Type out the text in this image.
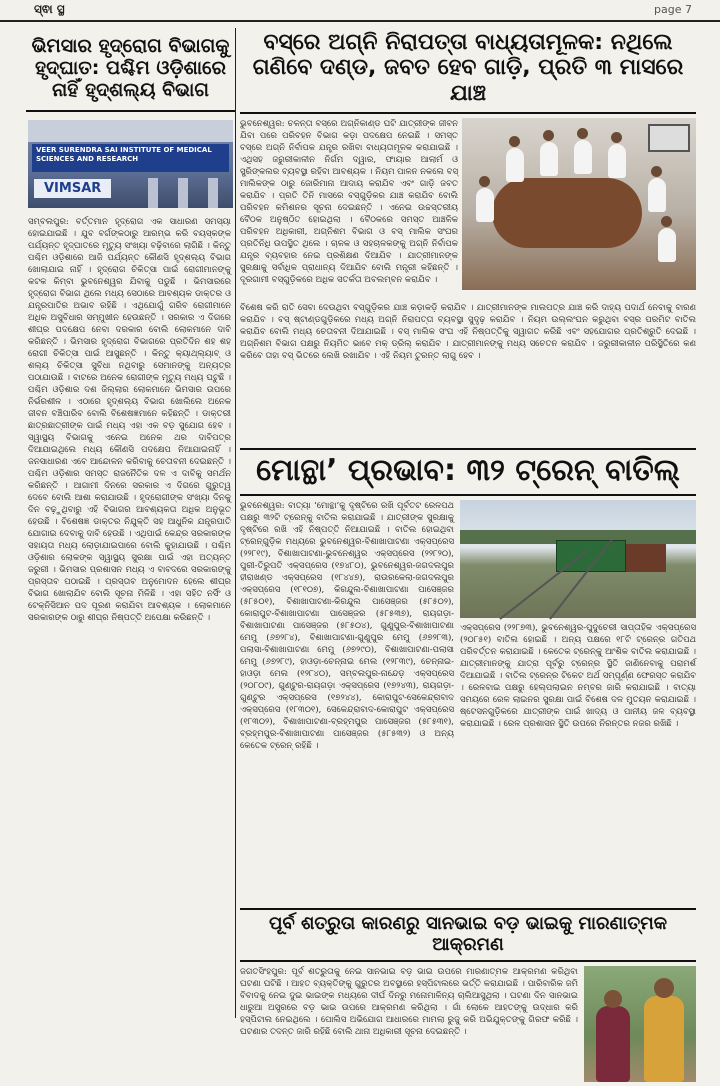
ସ୍ଵା ସ୍ଥ	page 7
ଭିମସାର ହୃଦ୍‌ରୋଗ ବିଭାଗକୁ ହୃଦ୍‌ଘାତ: ପଶ୍ଚିମ ଓଡ଼ିଶାରେ ନାହିଁ ହୃଦ୍‌ଶଲ୍ୟ ବିଭାଗ
VEER SURENDRA SAI INSTITUTE OF MEDICAL SCIENCES AND RESEARCH
VIMSAR
ସମ୍ବଲପୁର: ବର୍ତ୍ତମାନ ହୃଦ୍‌ରୋଗ ଏକ ସାଧାରଣ ସମସ୍ୟା ହୋଇଯାଇଛି । ଯୁବ ବର୍ଗଙ୍କଠାରୁ ଆରମ୍ଭ କରି ବୟସ୍କଙ୍କ ପର୍ଯ୍ୟନ୍ତ ହୃଦ୍‌ଘାତରେ ମୃତ୍ୟୁ ସଂଖ୍ୟା ବଢ଼ିବାରେ ଲାଗିଛି । କିନ୍ତୁ ପଶ୍ଚିମ ଓଡ଼ିଶାରେ ଆଜି ପର୍ଯ୍ୟନ୍ତ କୌଣସି ହୃଦ୍‌ଶଲ୍ୟ ବିଭାଗ ଖୋଲାଯାଇ ନାହିଁ । ହୃଦ୍‌ରୋଗ ଚିକିତ୍ସା ପାଇଁ ରୋଗୀମାନଙ୍କୁ କଟକ କିମ୍ବା ଭୁବନେଶ୍ୱର ଯିବାକୁ ପଡୁଛି । ଭିମସାରରେ ହୃଦ୍‌ରୋଗ ବିଭାଗ ଥିଲେ ମଧ୍ୟ ସେଠାରେ ଆବଶ୍ୟକ ଡାକ୍ତର ଓ ଯନ୍ତ୍ରପାତିର ଅଭାବ ରହିଛି । ଏଥିଯୋଗୁଁ ଗରିବ ରୋଗୀମାନେ ଅଧିକ ଅସୁବିଧାର ସମ୍ମୁଖୀନ ହେଉଛନ୍ତି । ସରକାର ଏ ଦିଗରେ ଶୀଘ୍ର ପଦକ୍ଷେପ ନେବା ଦରକାର ବୋଲି ଲୋକମାନେ ଦାବି କରିଛନ୍ତି । ଭିମସାର ହୃଦ୍‌ରୋଗ ବିଭାଗରେ ପ୍ରତିଦିନ ଶହ ଶହ ରୋଗୀ ଚିକିତ୍ସା ପାଇଁ ଆସୁଛନ୍ତି । କିନ୍ତୁ କ୍ୟାଥ୍‌ଲ୍ୟାବ୍ ଓ ଶଲ୍ୟ ଚିକିତ୍ସା ସୁବିଧା ନଥିବାରୁ ସେମାନଙ୍କୁ ଅନ୍ୟତ୍ର ପଠାଯାଉଛି । ବାଟରେ ଅନେକ ରୋଗୀଙ୍କ ମୃତ୍ୟୁ ମଧ୍ୟ ଘଟୁଛି । ପଶ୍ଚିମ ଓଡ଼ିଶାର ଦଶ ଜିଲ୍ଲାର ଲୋକମାନେ ଭିମସାର ଉପରେ ନିର୍ଭରଶୀଳ । ଏଠାରେ ହୃଦ୍‌ଶଲ୍ୟ ବିଭାଗ ଖୋଲିଲେ ଅନେକ ଜୀବନ ବଞ୍ଚିପାରିବ ବୋଲି ବିଶେଷଜ୍ଞମାନେ କହିଛନ୍ତି । ଡାକ୍ତରୀ ଛାତ୍ରଛାତ୍ରୀଙ୍କ ପାଇଁ ମଧ୍ୟ ଏହା ଏକ ବଡ଼ ସୁଯୋଗ ହେବ । ସ୍ୱାସ୍ଥ୍ୟ ବିଭାଗକୁ ଏନେଇ ଅନେକ ଥର ଦାବିପତ୍ର ଦିଆଯାଇଥିଲେ ମଧ୍ୟ କୌଣସି ପଦକ୍ଷେପ ନିଆଯାଇନାହିଁ । ଜନସାଧାରଣ ଏବେ ଆନ୍ଦୋଳନ କରିବାକୁ ଚେତାବନୀ ଦେଇଛନ୍ତି । ପଶ୍ଚିମ ଓଡ଼ିଶାର ସମସ୍ତ ରାଜନୈତିକ ଦଳ ଏ ଦାବିକୁ ସମର୍ଥନ କରିଛନ୍ତି । ଆଗାମୀ ଦିନରେ ସରକାର ଏ ଦିଗରେ ଗୁରୁତ୍ୱ ଦେବେ ବୋଲି ଆଶା କରାଯାଉଛି । ହୃଦ୍‌ରୋଗୀଙ୍କ ସଂଖ୍ୟା ଦିନକୁ ଦିନ ବଢ଼ୁଥିବାରୁ ଏହି ବିଭାଗର ଆବଶ୍ୟକତା ଅଧିକ ଅନୁଭୂତ ହେଉଛି । ବିଶେଷଜ୍ଞ ଡାକ୍ତର ନିଯୁକ୍ତି ସହ ଆଧୁନିକ ଯନ୍ତ୍ରପାତି ଯୋଗାଇ ଦେବାକୁ ଦାବି ହେଉଛି । ଏଥିପାଇଁ କେନ୍ଦ୍ର ସରକାରଙ୍କ ସହାୟତା ମଧ୍ୟ ଲୋଡ଼ାଯାଇପାରେ ବୋଲି କୁହାଯାଉଛି । ପଶ୍ଚିମ ଓଡ଼ିଶାର ଲୋକଙ୍କ ସ୍ୱାସ୍ଥ୍ୟ ସୁରକ୍ଷା ପାଇଁ ଏହା ଅତ୍ୟନ୍ତ ଜରୁରୀ । ଭିମସାର ପ୍ରଶାସନ ମଧ୍ୟ ଏ ବାବଦରେ ସରକାରଙ୍କୁ ପ୍ରସ୍ତାବ ପଠାଇଛି । ପ୍ରସ୍ତାବ ଅନୁମୋଦନ ହେଲେ ଶୀଘ୍ର ବିଭାଗ ଖୋଲାଯିବ ବୋଲି ସୂଚନା ମିଳିଛି । ଏହା ସହିତ ନର୍ସିଂ ଓ ଟେକ୍ନିସିଆନ ପଦ ପୂରଣ କରାଯିବା ଆବଶ୍ୟକ । ଲୋକମାନେ ସରକାରଙ୍କ ଠାରୁ ଶୀଘ୍ର ନିଷ୍ପତ୍ତି ଅପେକ୍ଷା କରିଛନ୍ତି ।
ବସ୍‌ରେ ଅଗ୍ନି ନିରାପତ୍ତା ବାଧ୍ୟତାମୂଳକ: ନଥିଲେ ଗଣିବେ ଦଣ୍ଡ, ଜବତ ହେବ ଗାଡ଼ି, ପ୍ରତି ୩ ମାସରେ ଯାଞ୍ଚ
ଭୁବନେଶ୍ୱର: ଚଳନ୍ତା ବସ୍‌ରେ ଅଗ୍ନିକାଣ୍ଡ ଘଟି ଯାତ୍ରୀଙ୍କ ଜୀବନ ଯିବା ପରେ ପରିବହନ ବିଭାଗ କଡ଼ା ପଦକ୍ଷେପ ନେଇଛି । ସମସ୍ତ ବସ୍‌ରେ ଅଗ୍ନି ନିର୍ବାପକ ଯନ୍ତ୍ର ରଖିବା ବାଧ୍ୟତାମୂଳକ କରାଯାଇଛି । ଏଥିସହ ଜରୁରୀକାଳୀନ ନିର୍ଗମ ଦ୍ୱାର, ଫାୟାର ଆଲାର୍ମ ଓ ସ୍ପ୍ରିଙ୍କଲର ବ୍ୟବସ୍ଥା ରହିବା ଆବଶ୍ୟକ । ନିୟମ ପାଳନ ନକଲେ ବସ୍ ମାଲିକଙ୍କ ଠାରୁ ଜୋରିମାନା ଆଦାୟ କରାଯିବ ଏବଂ ଗାଡ଼ି ଜବତ କରାଯିବ । ପ୍ରତି ତିନି ମାସରେ ବସ୍‌ଗୁଡ଼ିକର ଯାଞ୍ଚ କରାଯିବ ବୋଲି ପରିବହନ କମିଶନର ସୂଚନା ଦେଇଛନ୍ତି । ଏନେଇ ଉଚ୍ଚସ୍ତରୀୟ ବୈଠକ ଅନୁଷ୍ଠିତ ହୋଇଥିଲା । ବୈଠକରେ ସମସ୍ତ ଆଞ୍ଚଳିକ ପରିବହନ ଅଧିକାରୀ, ଅଗ୍ନିଶମ ବିଭାଗ ଓ ବସ୍ ମାଲିକ ସଂଘର ପ୍ରତିନିଧି ଉପସ୍ଥିତ ଥିଲେ । ଚାଳକ ଓ ସହଚାଳକଙ୍କୁ ଅଗ୍ନି ନିର୍ବାପକ ଯନ୍ତ୍ର ବ୍ୟବହାର ନେଇ ପ୍ରଶିକ୍ଷଣ ଦିଆଯିବ । ଯାତ୍ରୀମାନଙ୍କ ସୁରକ୍ଷାକୁ ସର୍ବାଧିକ ପ୍ରାଧାନ୍ୟ ଦିଆଯିବ ବୋଲି ମନ୍ତ୍ରୀ କହିଛନ୍ତି । ଦୂରଗାମୀ ବସ୍‌ଗୁଡ଼ିକରେ ଅଧିକ ସତର୍କତା ଅବଲମ୍ବନ କରାଯିବ ।
ବିଶେଷ କରି ରାତି ସେବା ଦେଉଥିବା ବସ୍‌ଗୁଡ଼ିକର ଯାଞ୍ଚ କଡ଼ାକଡ଼ି କରାଯିବ । ଯାତ୍ରୀମାନଙ୍କ ମାଲପତ୍ର ଯାଞ୍ଚ କରି ଦାହ୍ୟ ପଦାର୍ଥ ନେବାକୁ ବାରଣ କରାଯିବ । ବସ୍ ଷ୍ଟାଣ୍ଡଗୁଡ଼ିକରେ ମଧ୍ୟ ଅଗ୍ନି ନିରାପତ୍ତା ବ୍ୟବସ୍ଥା ସୁଦୃଢ଼ କରାଯିବ । ନିୟମ ଉଲ୍ଲଂଘନ କରୁଥିବା ବସ୍‌ର ପରମିଟ ବାତିଲ କରାଯିବ ବୋଲି ମଧ୍ୟ ଚେତାବନୀ ଦିଆଯାଇଛି । ବସ୍ ମାଲିକ ସଂଘ ଏହି ନିଷ୍ପତ୍ତିକୁ ସ୍ୱାଗତ କରିଛି ଏବଂ ସହଯୋଗର ପ୍ରତିଶ୍ରୁତି ଦେଇଛି । ଅଗ୍ନିଶମ ବିଭାଗ ପକ୍ଷରୁ ନିୟମିତ ଭାବେ ମକ୍ ଡ୍ରିଲ୍ କରାଯିବ । ଯାତ୍ରୀମାନଙ୍କୁ ମଧ୍ୟ ସଚେତନ କରାଯିବ । ଜରୁରୀକାଳୀନ ପରିସ୍ଥିତିରେ କଣ କରିବେ ତାହା ବସ୍ ଭିତରେ ଲେଖି ରଖାଯିବ । ଏହି ନିୟମ ତୁରନ୍ତ ଲାଗୁ ହେବ ।
ମୋନ୍ଥା’ ପ୍ରଭାବ: ୩୨ ଟ୍ରେନ୍ ବାତିଲ୍
ଭୁବନେଶ୍ୱର: ବାତ୍ୟା ‘ମୋନ୍ଥା’କୁ ଦୃଷ୍ଟିରେ ରଖି ପୂର୍ବତଟ ରେଳପଥ ପକ୍ଷରୁ ୩୨ଟି ଟ୍ରେନ୍‌କୁ ବାତିଲ କରାଯାଇଛି । ଯାତ୍ରୀଙ୍କ ସୁରକ୍ଷାକୁ ଦୃଷ୍ଟିରେ ରଖି ଏହି ନିଷ୍ପତ୍ତି ନିଆଯାଇଛି । ବାତିଲ ହୋଇଥିବା ଟ୍ରେନ୍‌ଗୁଡ଼ିକ ମଧ୍ୟରେ ଭୁବନେଶ୍ୱର-ବିଶାଖାପାଟଣା ଏକ୍ସପ୍ରେସ (୨୨୮୧୯), ବିଶାଖାପାଟଣା-ଭୁବନେଶ୍ୱର ଏକ୍ସପ୍ରେସ (୨୨୮୨୦), ପୁରୀ-ତିରୁପତି ଏକ୍ସପ୍ରେସ (୧୭୪୮୦), ଭୁବନେଶ୍ୱର-ଜଗଦଲପୁର ହୀରାଖଣ୍ଡ ଏକ୍ସପ୍ରେସ (୧୮୪୪୭), ରାଉରକେଲା-ଜଗଦଲପୁର ଏକ୍ସପ୍ରେସ (୧୮୧୦୭), କିରନ୍ଦୁଲ-ବିଶାଖାପାଟଣା ପାସେଞ୍ଜର (୫୮୫୦୧), ବିଶାଖାପାଟଣା-କିରନ୍ଦୁଲ ପାସେଞ୍ଜର (୫୮୫୦୨), କୋରାପୁଟ-ବିଶାଖାପାଟଣା ପାସେଞ୍ଜର (୫୮୫୩୭), ରାୟଗଡ଼ା-ବିଶାଖାପାଟଣା ପାସେଞ୍ଜର (୫୮୫୦୪), ଗୁଣୁପୁର-ବିଶାଖାପାଟଣା ମେମୁ (୬୭୨୮୪), ବିଶାଖାପାଟଣା-ଗୁଣୁପୁର ମେମୁ (୬୭୨୮୩), ପଲାସା-ବିଶାଖାପାଟଣା ମେମୁ (୬୭୨୯୦), ବିଶାଖାପାଟଣା-ପଲାସା ମେମୁ (୬୭୨୮୯), ହାଓଡ଼ା-ଚେନ୍ନାଇ ମେଲ (୧୨୮୩୯), ଚେନ୍ନାଇ-ହାଓଡ଼ା ମେଲ (୧୨୮୪୦), ସମ୍ବଲପୁର-ନାନ୍ଦେଡ଼ ଏକ୍ସପ୍ରେସ (୨୦୮୦୯), ଗୁଣ୍ଟୁର-ରାୟଗଡ଼ା ଏକ୍ସପ୍ରେସ (୧୭୨୪୩), ରାୟଗଡ଼ା-ଗୁଣ୍ଟୁର ଏକ୍ସପ୍ରେସ (୧୭୨୪୪), କୋରାପୁଟ-ସେକେନ୍ଦ୍ରାବାଦ ଏକ୍ସପ୍ରେସ (୧୮୩୦୧), ସେକେନ୍ଦ୍ରାବାଦ-କୋରାପୁଟ ଏକ୍ସପ୍ରେସ (୧୮୩୦୨), ବିଶାଖାପାଟଣା-ବ୍ରହ୍ମପୁର ପାସେଞ୍ଜର (୫୮୫୩୧), ବ୍ରହ୍ମପୁର-ବିଶାଖାପାଟଣା ପାସେଞ୍ଜର (୫୮୫୩୨) ଓ ଅନ୍ୟ କେତେକ ଟ୍ରେନ୍ ରହିଛି ।
ଏକ୍ସପ୍ରେସ (୨୨୮୭୩), ଭୁବନେଶ୍ୱର-ପୁଦୁଚେରୀ ସାପ୍ତାହିକ ଏକ୍ସପ୍ରେସ (୨୦୮୫୧) ବାତିଲ ହୋଇଛି । ଅନ୍ୟ ପକ୍ଷରେ ୧୮ଟି ଟ୍ରେନ୍‌ର ଗତିପଥ ପରିବର୍ତ୍ତନ କରାଯାଇଛି । କେତେକ ଟ୍ରେନ୍‌କୁ ଆଂଶିକ ବାତିଲ କରାଯାଇଛି । ଯାତ୍ରୀମାନଙ୍କୁ ଯାତ୍ରା ପୂର୍ବରୁ ଟ୍ରେନ୍‌ର ସ୍ଥିତି ଜାଣିନେବାକୁ ପରାମର୍ଶ ଦିଆଯାଇଛି । ବାତିଲ ଟ୍ରେନ୍‌ର ଟିକେଟ ଅର୍ଥ ସମ୍ପୂର୍ଣ୍ଣ ଫେରସ୍ତ କରାଯିବ । ରେଳବାଇ ପକ୍ଷରୁ ହେଲ୍ପଲାଇନ ନମ୍ବର ଜାରି କରାଯାଇଛି । ବାତ୍ୟା ସମୟରେ ରେଳ ଲାଇନର ସୁରକ୍ଷା ପାଇଁ ବିଶେଷ ଦଳ ମୁତୟନ କରାଯାଇଛି । ଷ୍ଟେସନଗୁଡ଼ିକରେ ଯାତ୍ରୀଙ୍କ ପାଇଁ ଖାଦ୍ୟ ଓ ପାନୀୟ ଜଳ ବ୍ୟବସ୍ଥା କରାଯାଇଛି । ରେଳ ପ୍ରଶାସନ ସ୍ଥିତି ଉପରେ ନିରନ୍ତର ନଜର ରଖିଛି ।
ପୂର୍ବ ଶତ୍ରୁତା କାରଣରୁ ସାନଭାଇ ବଡ଼ ଭାଇକୁ ମାରଣାତ୍ମକ ଆକ୍ରମଣ
ଜଗତସିଂହପୁର: ପୂର୍ବ ଶତ୍ରୁତାକୁ ନେଇ ସାନଭାଇ ବଡ଼ ଭାଇ ଉପରେ ମାରଣାତ୍ମକ ଆକ୍ରମଣ କରିଥିବା ଘଟଣା ଘଟିଛି । ଆହତ ବ୍ୟକ୍ତିଙ୍କୁ ଗୁରୁତର ଅବସ୍ଥାରେ ହସ୍ପିଟାଲରେ ଭର୍ତ୍ତି କରାଯାଇଛି । ପାରିବାରିକ ଜମି ବିବାଦକୁ ନେଇ ଦୁଇ ଭାଇଙ୍କ ମଧ୍ୟରେ ଦୀର୍ଘ ଦିନରୁ ମନୋମାଳିନ୍ୟ ଚାଲିଆସୁଥିଲା । ଘଟଣା ଦିନ ସାନଭାଇ ଧାରୁଆ ଅସ୍ତ୍ରରେ ବଡ଼ ଭାଇ ଉପରେ ଆକ୍ରମଣ କରିଥିଲା । ଗାଁ ଲୋକେ ଆହତଙ୍କୁ ଉଦ୍ଧାର କରି ହସ୍ପିଟାଲ ନେଇଥିଲେ । ପୋଲିସ ଅଭିଯୋଗ ଆଧାରରେ ମାମଲା ରୁଜୁ କରି ଅଭିଯୁକ୍ତଙ୍କୁ ଗିରଫ କରିଛି । ଘଟଣାର ତଦନ୍ତ ଜାରି ରହିଛି ବୋଲି ଥାନା ଅଧିକାରୀ ସୂଚନା ଦେଇଛନ୍ତି ।
